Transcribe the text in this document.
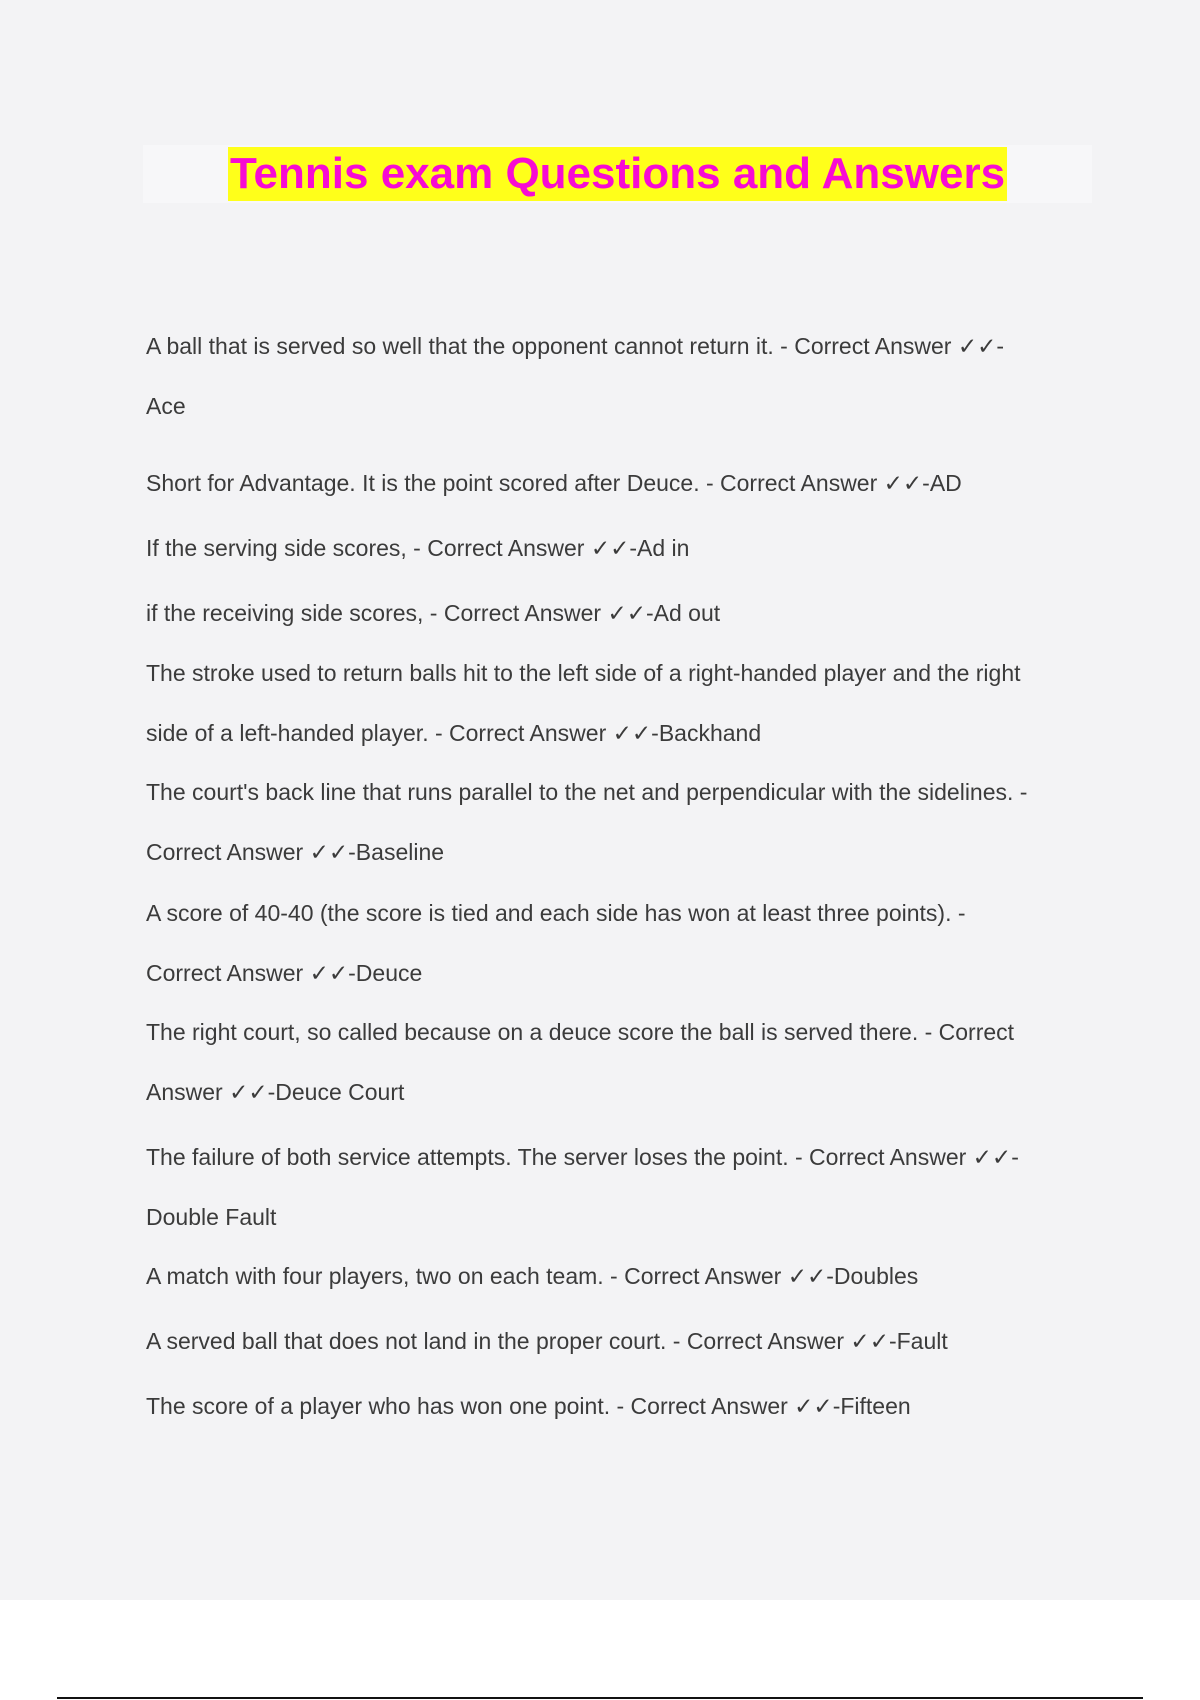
Tennis exam Questions and Answers
A ball that is served so well that the opponent cannot return it. - Correct Answer ✓✓-
Ace
Short for Advantage. It is the point scored after Deuce. - Correct Answer ✓✓-AD
If the serving side scores, - Correct Answer ✓✓-Ad in
if the receiving side scores, - Correct Answer ✓✓-Ad out
The stroke used to return balls hit to the left side of a right-handed player and the right
side of a left-handed player. - Correct Answer ✓✓-Backhand
The court's back line that runs parallel to the net and perpendicular with the sidelines. -
Correct Answer ✓✓-Baseline
A score of 40-40 (the score is tied and each side has won at least three points). -
Correct Answer ✓✓-Deuce
The right court, so called because on a deuce score the ball is served there. - Correct
Answer ✓✓-Deuce Court
The failure of both service attempts. The server loses the point. - Correct Answer ✓✓-
Double Fault
A match with four players, two on each team. - Correct Answer ✓✓-Doubles
A served ball that does not land in the proper court. - Correct Answer ✓✓-Fault
The score of a player who has won one point. - Correct Answer ✓✓-Fifteen
